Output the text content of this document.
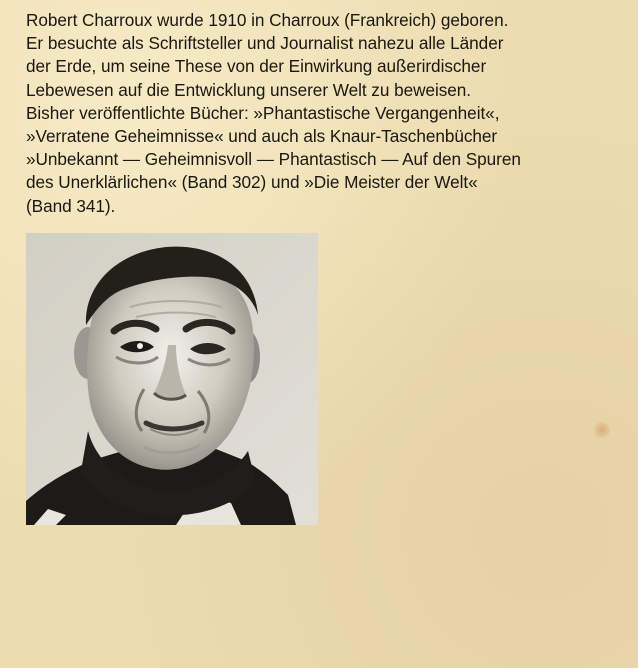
Robert Charroux wurde 1910 in Charroux (Frankreich) geboren.
Er besuchte als Schriftsteller und Journalist nahezu alle Länder
der Erde, um seine These von der Einwirkung außerirdischer
Lebewesen auf die Entwicklung unserer Welt zu beweisen.
Bisher veröffentlichte Bücher: »Phantastische Vergangenheit«,
»Verratene Geheimnisse« und auch als Knaur-Taschenbücher
»Unbekannt — Geheimnisvoll — Phantastisch — Auf den Spuren
des Unerklärlichen« (Band 302) und »Die Meister der Welt«
(Band 341).
